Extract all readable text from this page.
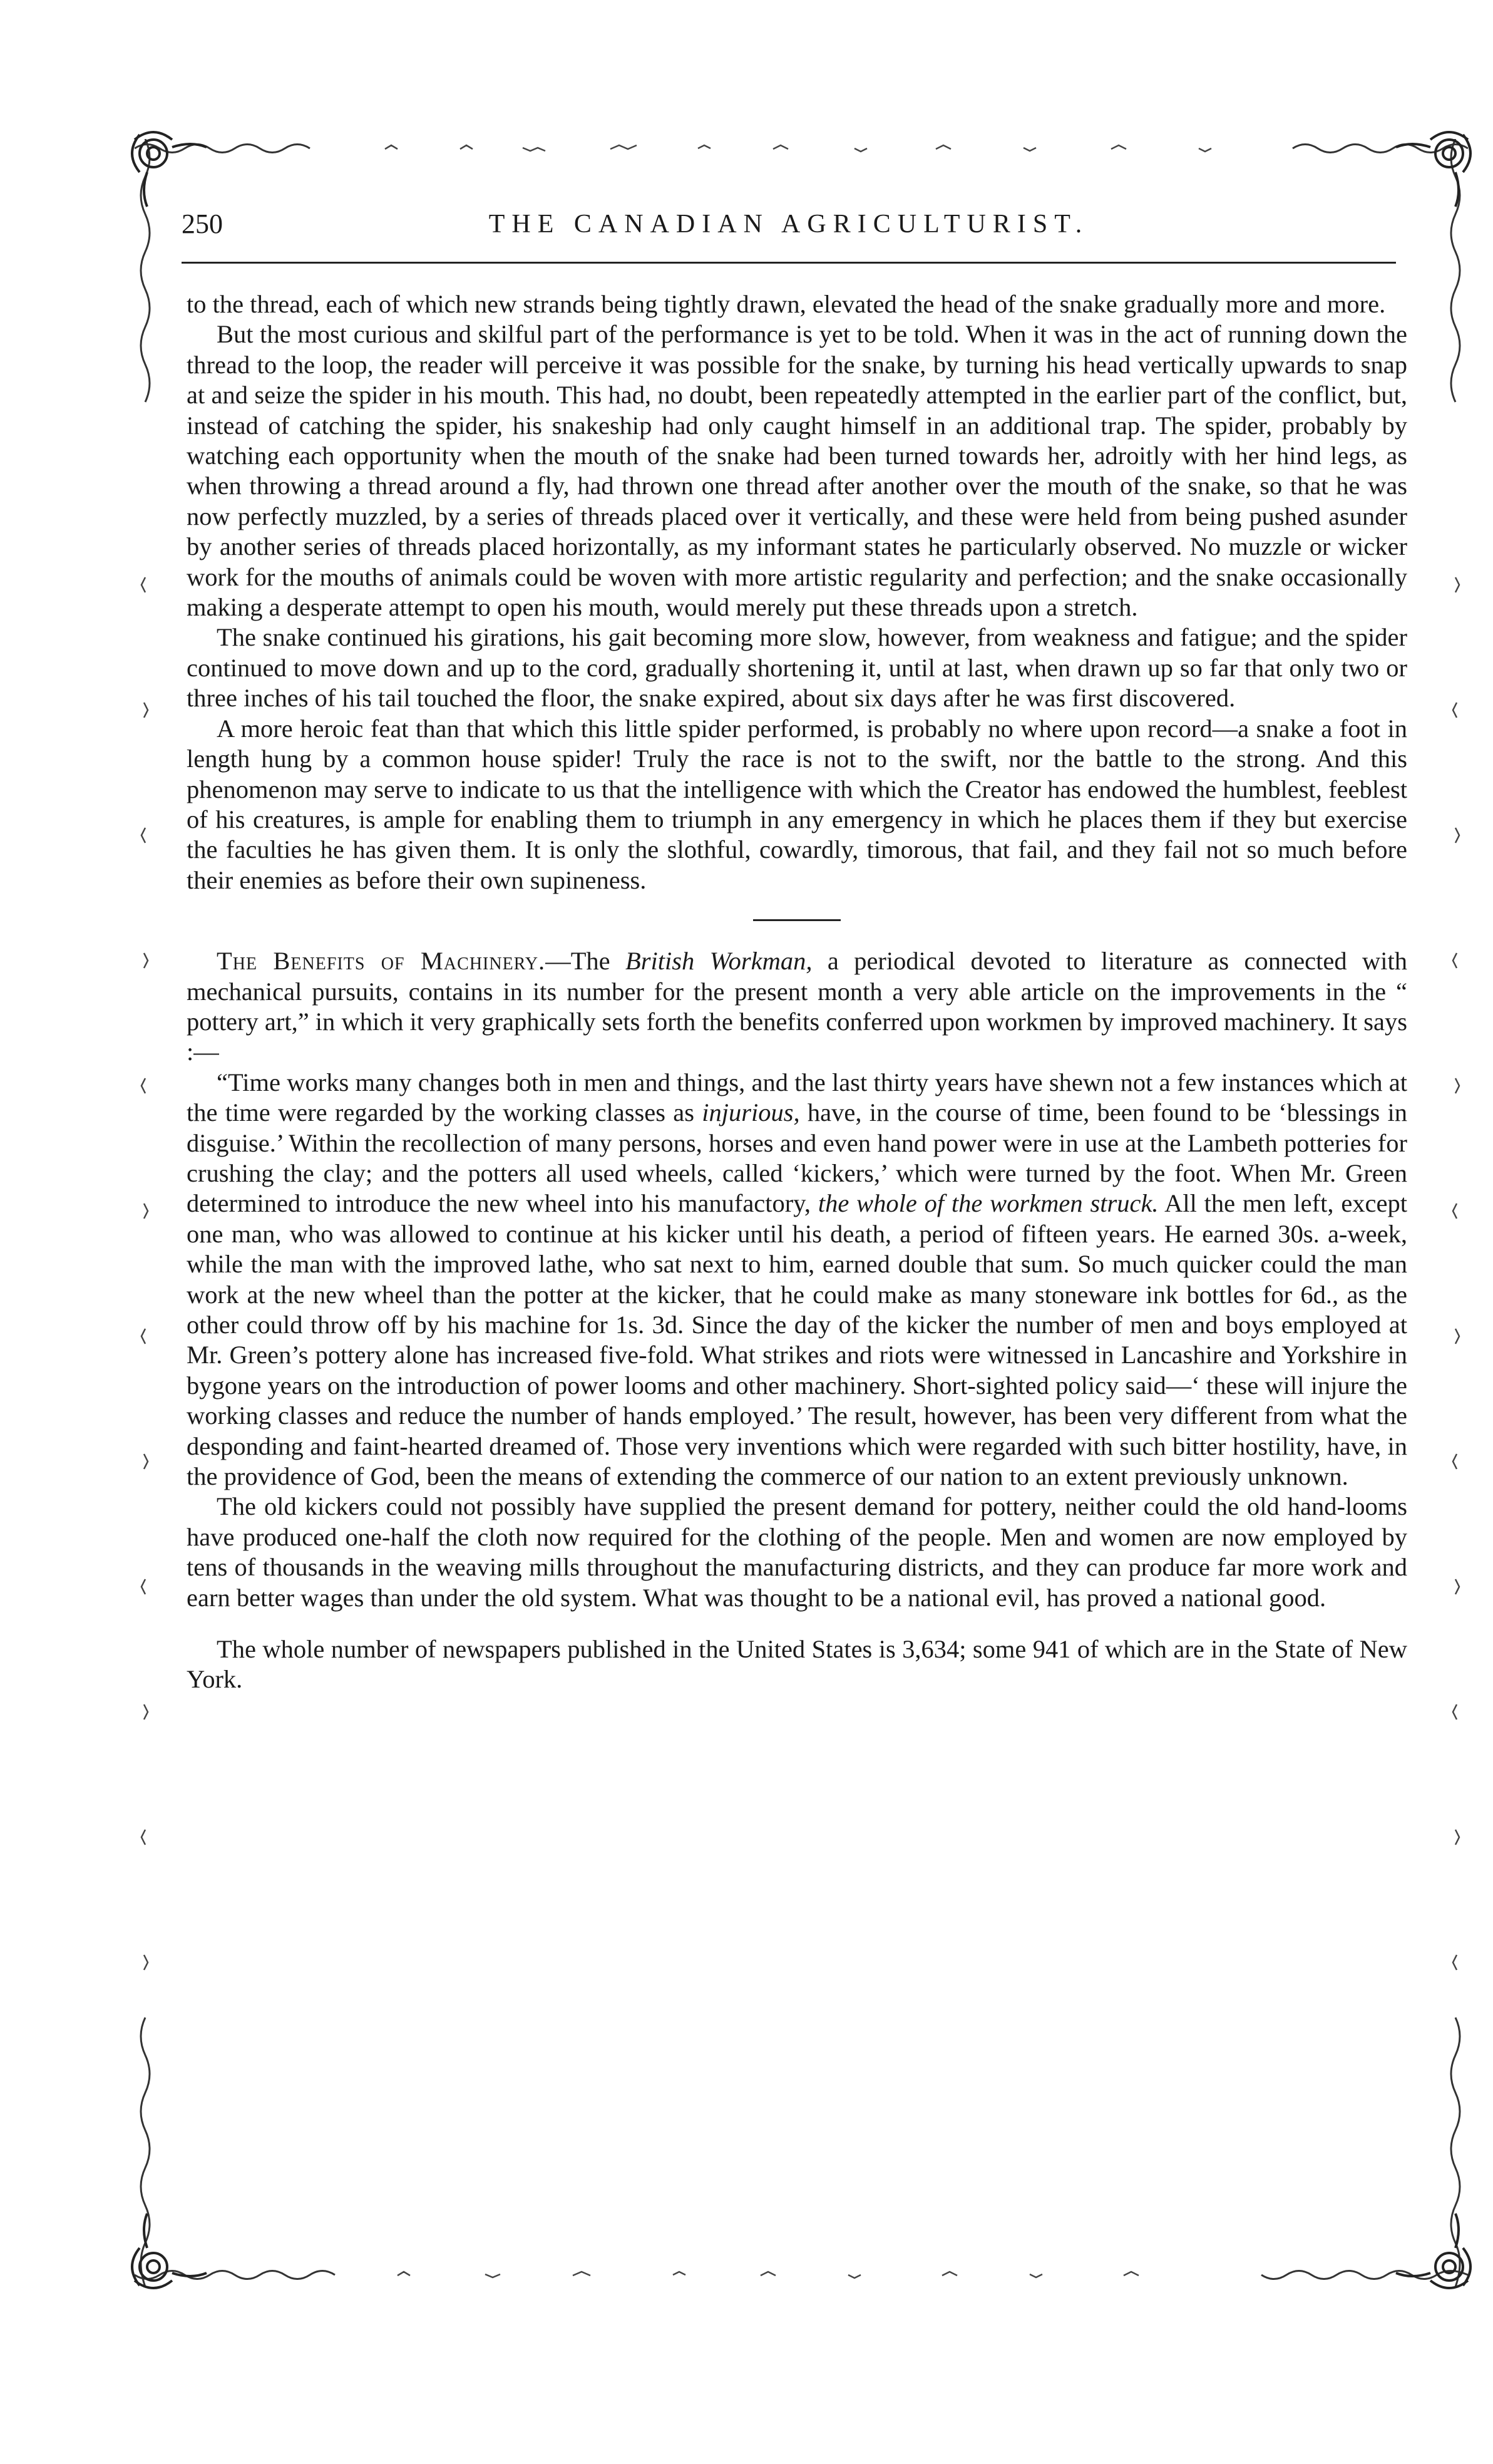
250	THE CANADIAN AGRICULTURIST.

to the thread, each of which new strands being tightly drawn, elevated the head of the snake gradually more and more.

But the most curious and skilful part of the performance is yet to be told. When it was in the act of running down the thread to the loop, the reader will perceive it was possible for the snake, by turning his head vertically upwards to snap at and seize the spider in his mouth. This had, no doubt, been repeatedly attempted in the earlier part of the conflict, but, instead of catching the spider, his snakeship had only caught himself in an additional trap. The spider, probably by watching each opportunity when the mouth of the snake had been turned towards her, adroitly with her hind legs, as when throwing a thread around a fly, had thrown one thread after another over the mouth of the snake, so that he was now perfectly muzzled, by a series of threads placed over it vertically, and these were held from being pushed asunder by another series of threads placed horizontally, as my informant states he particularly observed. No muzzle or wicker work for the mouths of animals could be woven with more artistic regularity and perfection; and the snake occasionally making a desperate attempt to open his mouth, would merely put these threads upon a stretch.

The snake continued his girations, his gait becoming more slow, however, from weakness and fatigue; and the spider continued to move down and up to the cord, gradually shortening it, until at last, when drawn up so far that only two or three inches of his tail touched the floor, the snake expired, about six days after he was first discovered.

A more heroic feat than that which this little spider performed, is probably no where upon record—a snake a foot in length hung by a common house spider! Truly the race is not to the swift, nor the battle to the strong. And this phenomenon may serve to indicate to us that the intelligence with which the Creator has endowed the humblest, feeblest of his creatures, is ample for enabling them to triumph in any emergency in which he places them if they but exercise the faculties he has given them. It is only the slothful, cowardly, timorous, that fail, and they fail not so much before their enemies as before their own supineness.

The Benefits of Machinery.—The British Workman, a periodical devoted to literature as connected with mechanical pursuits, contains in its number for the present month a very able article on the improvements in the “ pottery art,” in which it very graphically sets forth the benefits conferred upon workmen by improved machinery. It says :—

“Time works many changes both in men and things, and the last thirty years have shewn not a few instances which at the time were regarded by the working classes as injurious, have, in the course of time, been found to be ‘blessings in disguise.’ Within the recollection of many persons, horses and even hand power were in use at the Lambeth potteries for crushing the clay; and the potters all used wheels, called ‘kickers,’ which were turned by the foot. When Mr. Green determined to introduce the new wheel into his manufactory, the whole of the workmen struck. All the men left, except one man, who was allowed to continue at his kicker until his death, a period of fifteen years. He earned 30s. a-week, while the man with the improved lathe, who sat next to him, earned double that sum. So much quicker could the man work at the new wheel than the potter at the kicker, that he could make as many stoneware ink bottles for 6d., as the other could throw off by his machine for 1s. 3d. Since the day of the kicker the number of men and boys employed at Mr. Green’s pottery alone has increased five-fold. What strikes and riots were witnessed in Lancashire and Yorkshire in bygone years on the introduction of power looms and other machinery. Short-sighted policy said—‘ these will injure the working classes and reduce the number of hands employed.’ The result, however, has been very different from what the desponding and faint-hearted dreamed of. Those very inventions which were regarded with such bitter hostility, have, in the providence of God, been the means of extending the commerce of our nation to an extent previously unknown.

The old kickers could not possibly have supplied the present demand for pottery, neither could the old hand-looms have produced one-half the cloth now required for the clothing of the people. Men and women are now employed by tens of thousands in the weaving mills throughout the manufacturing districts, and they can produce far more work and earn better wages than under the old system. What was thought to be a national evil, has proved a national good.

The whole number of newspapers published in the United States is 3,634; some 941 of which are in the State of New York.
